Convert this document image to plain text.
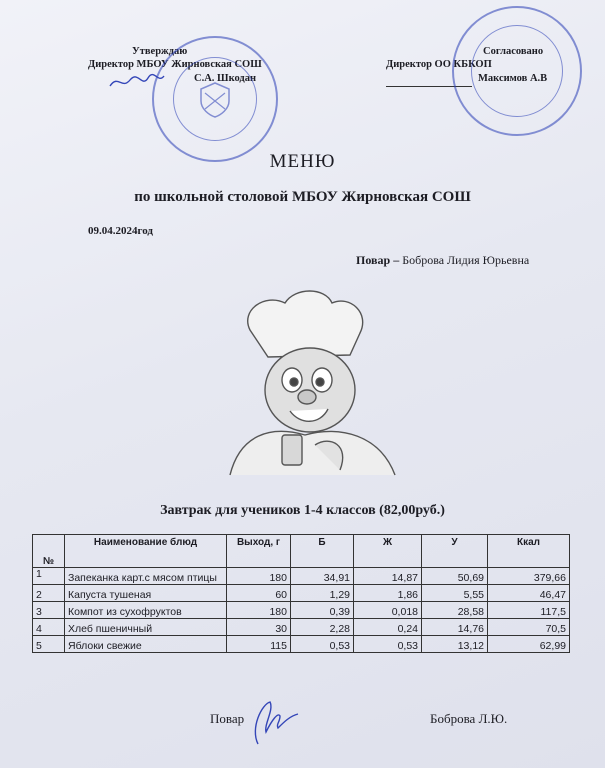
Утверждаю
Директор МБОУ Жирновская СОШ
С.А. Шкодан
Согласовано
Директор ОО КБКОП
Максимов А.В
МЕНЮ
по школьной столовой МБОУ Жирновская СОШ
09.04.2024год
Повар – Боброва Лидия Юрьевна
Завтрак для учеников 1-4 классов (82,00руб.)
№	Наименование блюд	Выход, г	Б	Ж	У	Ккал
1	Запеканка карт.с мясом птицы	180	34,91	14,87	50,69	379,66
2	Капуста тушеная	60	1,29	1,86	5,55	46,47
3	Компот из сухофруктов	180	0,39	0,018	28,58	117,5
4	Хлеб пшеничный	30	2,28	0,24	14,76	70,5
5	Яблоки свежие	115	0,53	0,53	13,12	62,99
Повар	Боброва Л.Ю.
